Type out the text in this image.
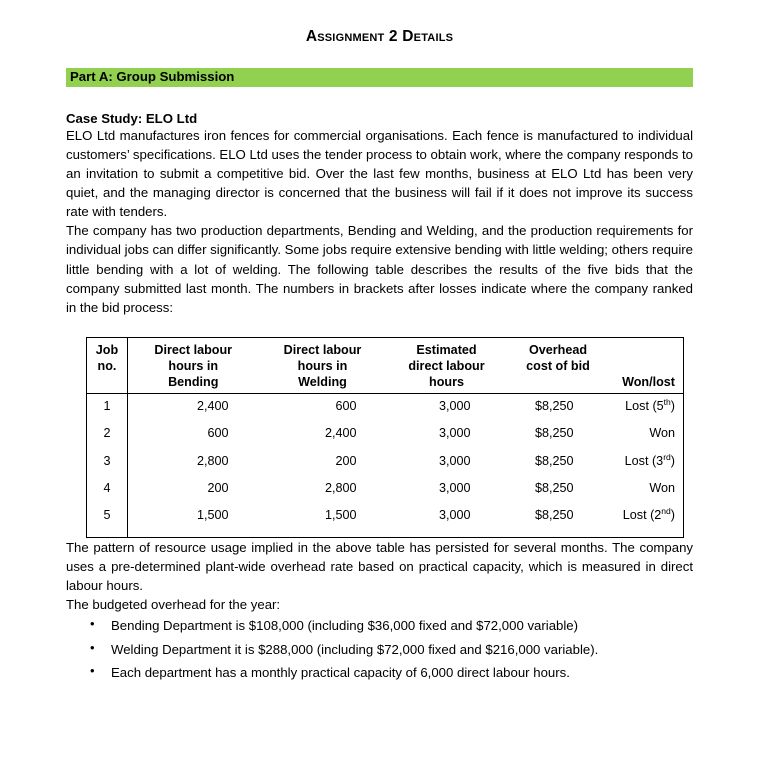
Assignment 2 Details
Part A: Group Submission
Case Study: ELO Ltd

ELO Ltd manufactures iron fences for commercial organisations. Each fence is manufactured to individual customers’ specifications. ELO Ltd uses the tender process to obtain work, where the company responds to an invitation to submit a competitive bid. Over the last few months, business at ELO Ltd has been very quiet, and the managing director is concerned that the business will fail if it does not improve its success rate with tenders.

The company has two production departments, Bending and Welding, and the production requirements for individual jobs can differ significantly. Some jobs require extensive bending with little welding; others require little bending with a lot of welding. The following table describes the results of the five bids that the company submitted last month. The numbers in brackets after losses indicate where the company ranked in the bid process:

Job
no.	Direct labour
hours in
Bending	Direct labour
hours in
Welding	Estimated
direct labour
hours	Overhead
cost of bid	Won/lost
1	2,400	600	3,000	$8,250	Lost (5th)
2	600	2,400	3,000	$8,250	Won
3	2,800	200	3,000	$8,250	Lost (3rd)
4	200	2,800	3,000	$8,250	Won
5	1,500	1,500	3,000	$8,250	Lost (2nd)

The pattern of resource usage implied in the above table has persisted for several months. The company uses a pre-determined plant-wide overhead rate based on practical capacity, which is measured in direct labour hours.

The budgeted overhead for the year:

• Bending Department is $108,000 (including $36,000 fixed and $72,000 variable)
• Welding Department it is $288,000 (including $72,000 fixed and $216,000 variable).
• Each department has a monthly practical capacity of 6,000 direct labour hours.
